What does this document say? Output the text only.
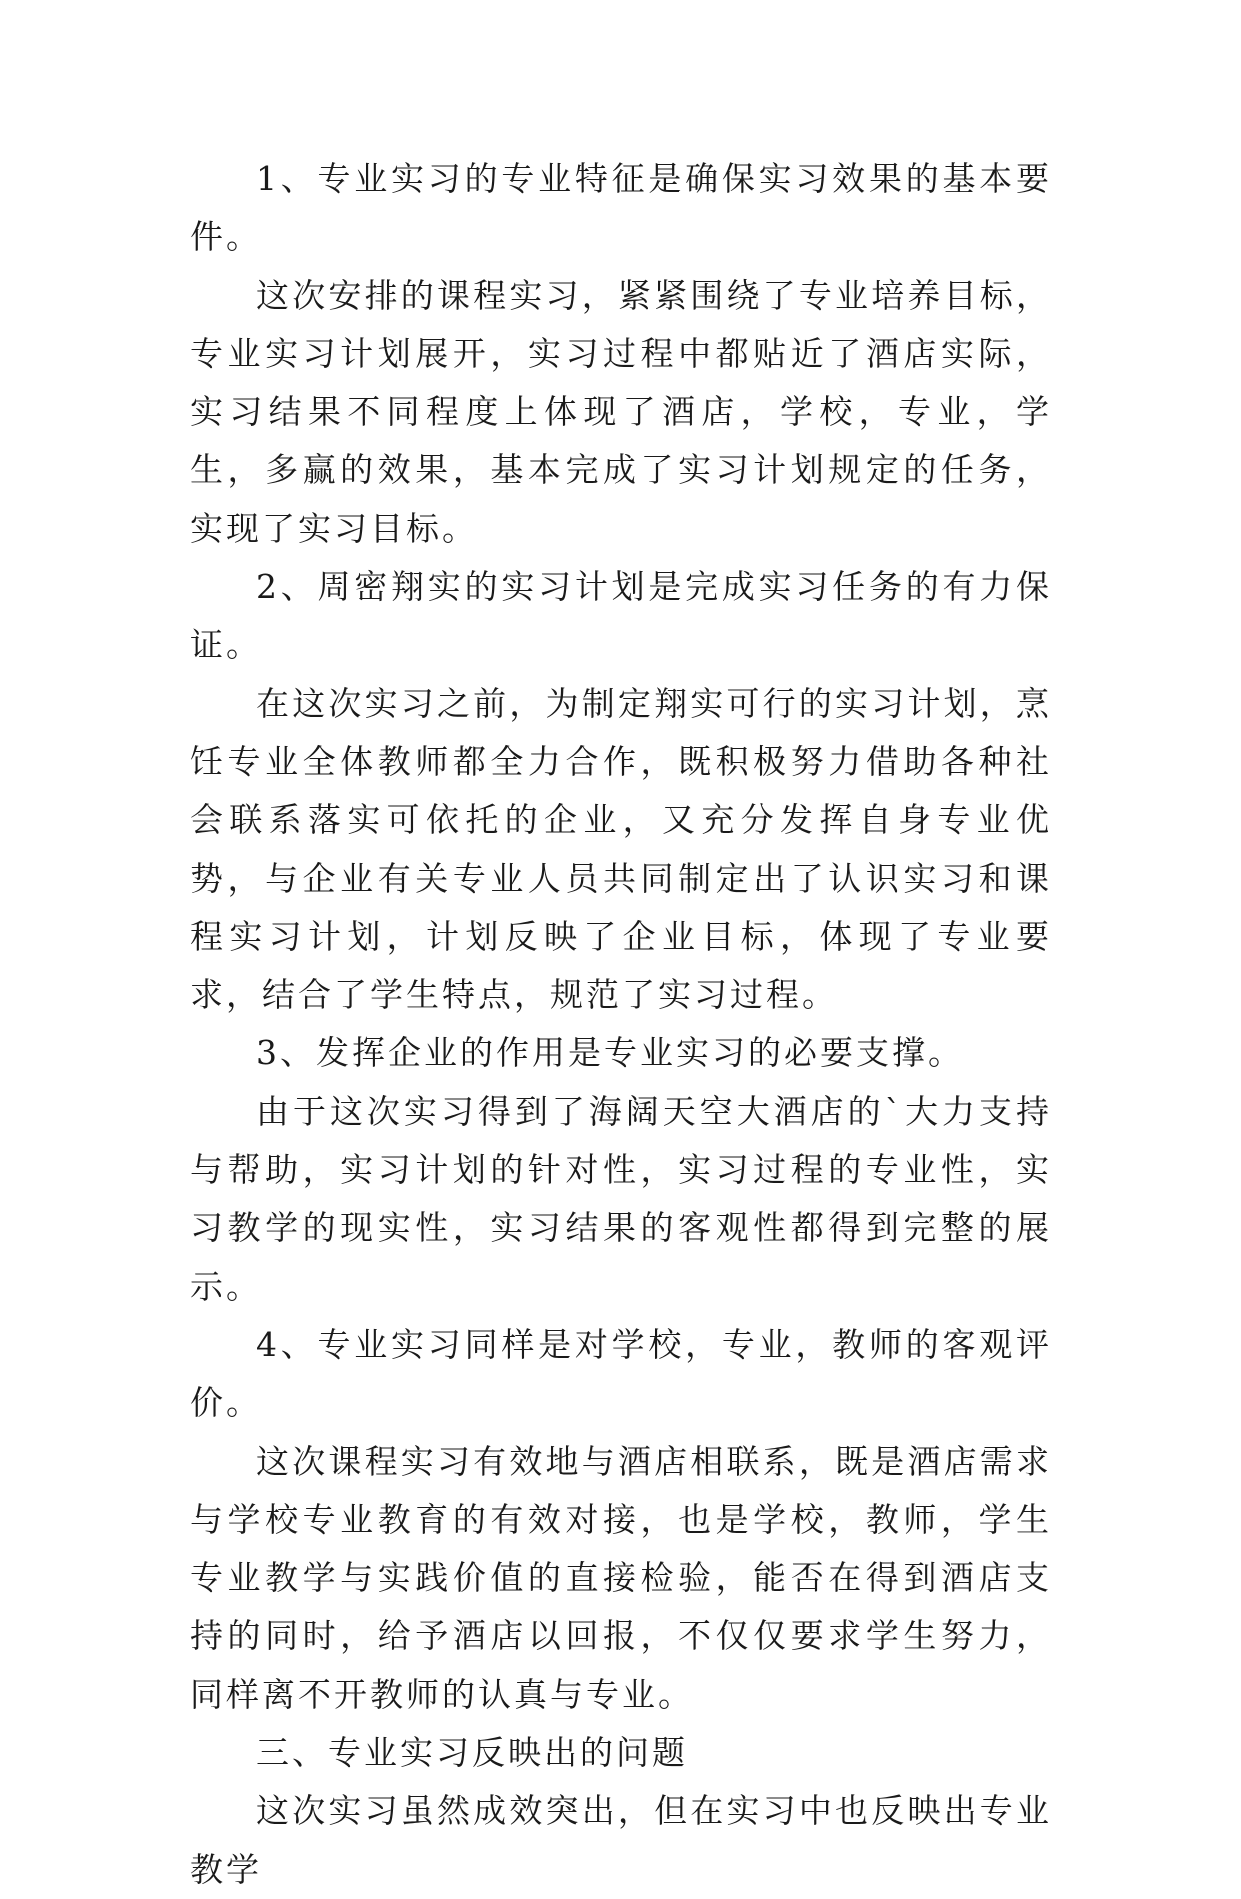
1、专业实习的专业特征是确保实习效果的基本要件。

这次安排的课程实习，紧紧围绕了专业培养目标，专业实习计划展开，实习过程中都贴近了酒店实际，实习结果不同程度上体现了酒店，学校，专业，学生，多赢的效果，基本完成了实习计划规定的任务，实现了实习目标。

2、周密翔实的实习计划是完成实习任务的有力保证。

在这次实习之前，为制定翔实可行的实习计划，烹饪专业全体教师都全力合作，既积极努力借助各种社会联系落实可依托的企业，又充分发挥自身专业优势，与企业有关专业人员共同制定出了认识实习和课程实习计划，计划反映了企业目标，体现了专业要求，结合了学生特点，规范了实习过程。

3、发挥企业的作用是专业实习的必要支撑。

由于这次实习得到了海阔天空大酒店的`大力支持与帮助，实习计划的针对性，实习过程的专业性，实习教学的现实性，实习结果的客观性都得到完整的展示。

4、专业实习同样是对学校，专业，教师的客观评价。

这次课程实习有效地与酒店相联系，既是酒店需求与学校专业教育的有效对接，也是学校，教师，学生专业教学与实践价值的直接检验，能否在得到酒店支持的同时，给予酒店以回报，不仅仅要求学生努力，同样离不开教师的认真与专业。

三、专业实习反映出的问题

这次实习虽然成效突出，但在实习中也反映出专业教学
